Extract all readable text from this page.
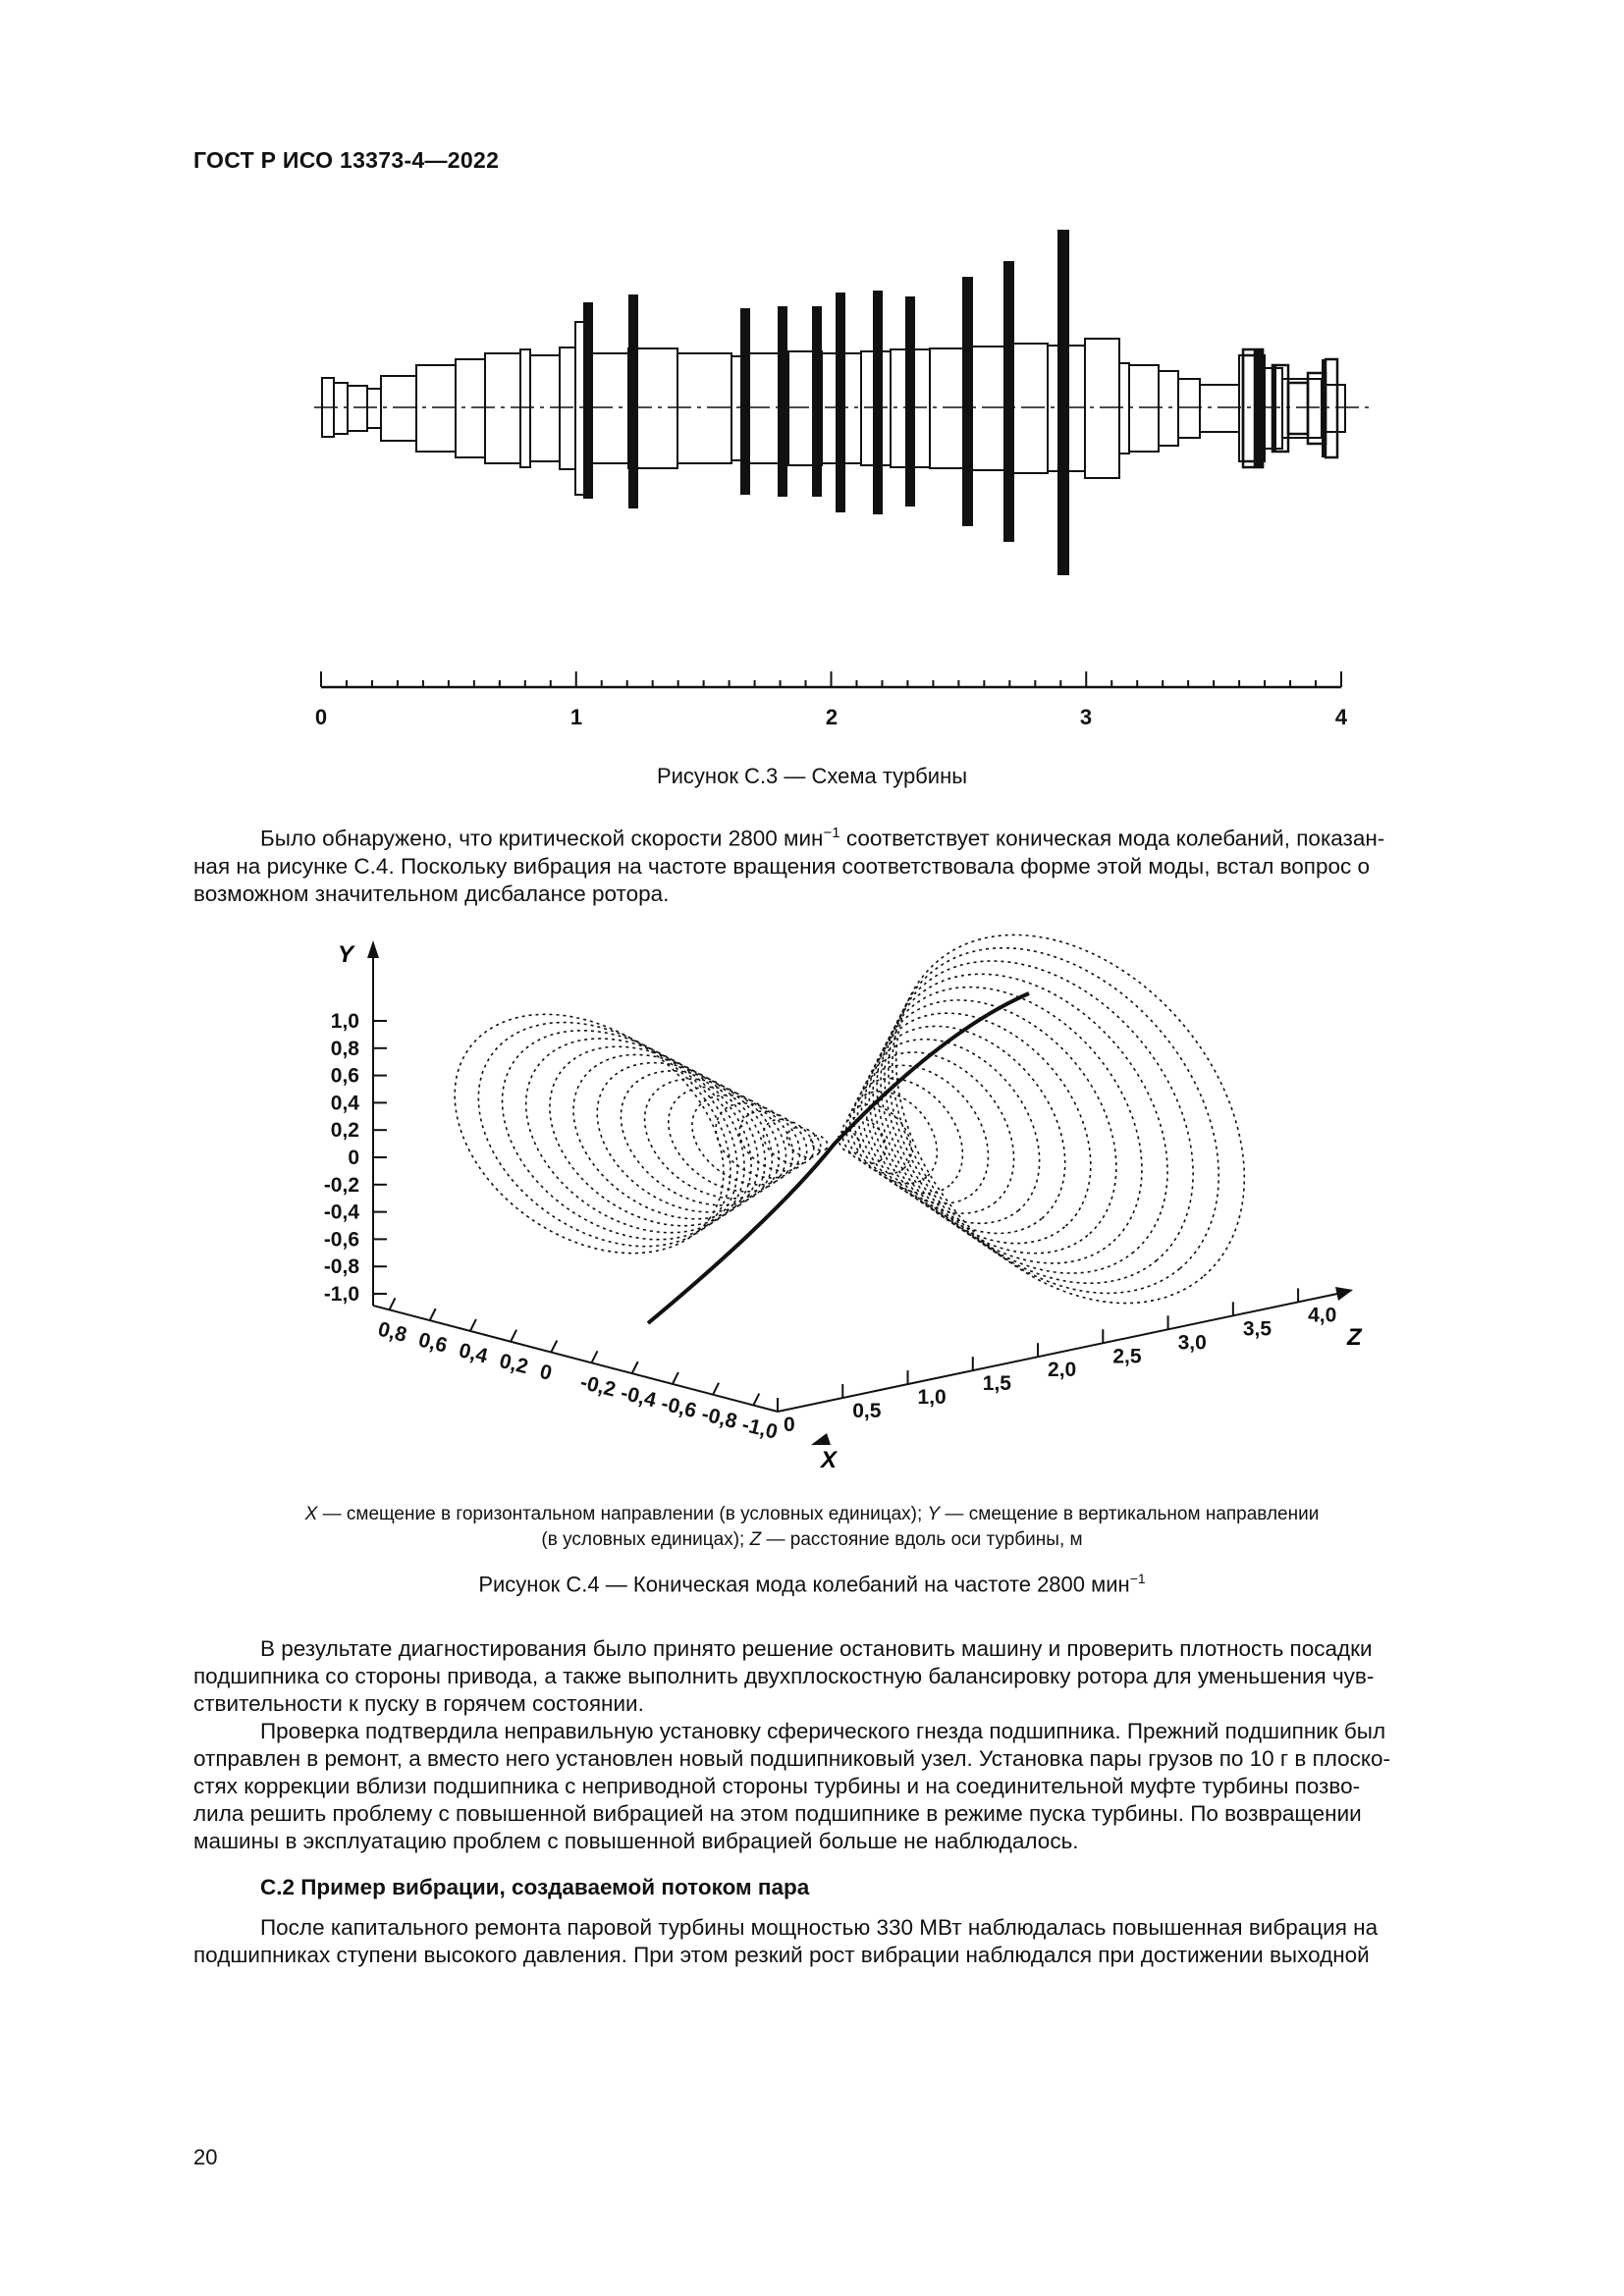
ГОСТ Р ИСО 13373-4—2022
0	1	2	3	4
Рисунок С.3 — Схема турбины
Было обнаружено, что критической скорости 2800 мин$^{-1}$ соответствует коническая мода колебаний, показан-
ная на рисунке С.4. Поскольку вибрация на частоте вращения соответствовала форме этой моды, встал вопрос о
возможном значительном дисбалансе ротора.
Y
1,0
0,8
0,6
0,4
0,2
0
-0,2
-0,4
-0,6
-0,8
-1,0
0,8 0,6 0,4 0,2 0 -0,2 -0,4 -0,6 -0,8 -1,0 0
0,5
1,0
1,5
2,0
2,5
3,0
3,5
4,0
Z
X
X — смещение в горизонтальном направлении (в условных единицах); Y — смещение в вертикальном направлении
(в условных единицах); Z — расстояние вдоль оси турбины, м
Рисунок С.4 — Коническая мода колебаний на частоте 2800 мин$^{-1}$
В результате диагностирования было принято решение остановить машину и проверить плотность посадки
подшипника со стороны привода, а также выполнить двухплоскостную балансировку ротора для уменьшения чув-
ствительности к пуску в горячем состоянии.
Проверка подтвердила неправильную установку сферического гнезда подшипника. Прежний подшипник был
отправлен в ремонт, а вместо него установлен новый подшипниковый узел. Установка пары грузов по 10 г в плоско-
стях коррекции вблизи подшипника с неприводной стороны турбины и на соединительной муфте турбины позво-
лила решить проблему с повышенной вибрацией на этом подшипнике в режиме пуска турбины. По возвращении
машины в эксплуатацию проблем с повышенной вибрацией больше не наблюдалось.
С.2 Пример вибрации, создаваемой потоком пара
После капитального ремонта паровой турбины мощностью 330 МВт наблюдалась повышенная вибрация на
подшипниках ступени высокого давления. При этом резкий рост вибрации наблюдался при достижении выходной
20
